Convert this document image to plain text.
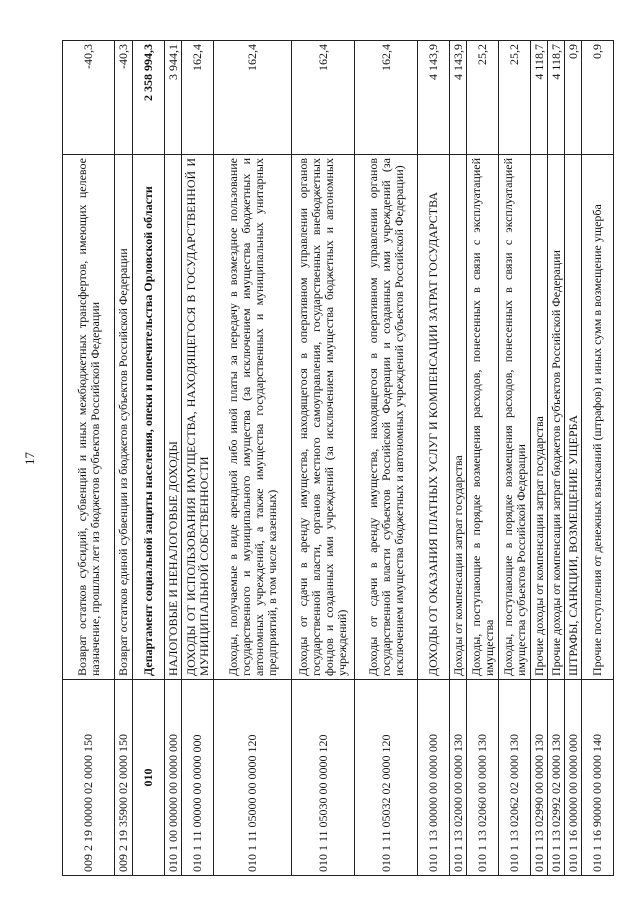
17
009 2 19 00000 02 0000 150	Возврат остатков субсидий, субвенций и иных межбюджетных трансфертов, имеющих целевое назначение, прошлых лет из бюджетов субъектов Российской Федерации	-40,3
009 2 19 35900 02 0000 150	Возврат остатков единой субвенции из бюджетов субъектов Российской Федерации	-40,3
010	Департамент социальной защиты населения, опеки и попечительства Орловской области	2 358 994,3
010 1 00 00000 00 0000 000	НАЛОГОВЫЕ И НЕНАЛОГОВЫЕ ДОХОДЫ	3 944,1
010 1 11 00000 00 0000 000	ДОХОДЫ ОТ ИСПОЛЬЗОВАНИЯ ИМУЩЕСТВА, НАХОДЯЩЕГОСЯ В ГОСУДАРСТВЕННОЙ И МУНИЦИПАЛЬНОЙ СОБСТВЕННОСТИ	162,4
010 1 11 05000 00 0000 120	Доходы, получаемые в виде арендной либо иной платы за передачу в возмездное пользование государственного и муниципального имущества (за исключением имущества бюджетных и автономных учреждений, а также имущества государственных и муниципальных унитарных предприятий, в том числе казенных)	162,4
010 1 11 05030 00 0000 120	Доходы от сдачи в аренду имущества, находящегося в оперативном управлении органов государственной власти, органов местного самоуправления, государственных внебюджетных фондов и созданных ими учреждений (за исключением имущества бюджетных и автономных учреждений)	162,4
010 1 11 05032 02 0000 120	Доходы от сдачи в аренду имущества, находящегося в оперативном управлении органов государственной власти субъектов Российской Федерации и созданных ими учреждений (за исключением имущества бюджетных и автономных учреждений субъектов Российской Федерации)	162,4
010 1 13 00000 00 0000 000	ДОХОДЫ ОТ ОКАЗАНИЯ ПЛАТНЫХ УСЛУГ И КОМПЕНСАЦИИ ЗАТРАТ ГОСУДАРСТВА	4 143,9
010 1 13 02000 00 0000 130	Доходы от компенсации затрат государства	4 143,9
010 1 13 02060 00 0000 130	Доходы, поступающие в порядке возмещения расходов, понесенных в связи с эксплуатацией имущества	25,2
010 1 13 02062 02 0000 130	Доходы, поступающие в порядке возмещения расходов, понесенных в связи с эксплуатацией имущества субъектов Российской Федерации	25,2
010 1 13 02990 00 0000 130	Прочие доходы от компенсации затрат государства	4 118,7
010 1 13 02992 02 0000 130	Прочие доходы от компенсации затрат бюджетов субъектов Российской Федерации	4 118,7
010 1 16 00000 00 0000 000	ШТРАФЫ, САНКЦИИ, ВОЗМЕЩЕНИЕ УЩЕРБА	0,9
010 1 16 90000 00 0000 140	Прочие поступления от денежных взысканий (штрафов) и иных сумм в возмещение ущерба	0,9
